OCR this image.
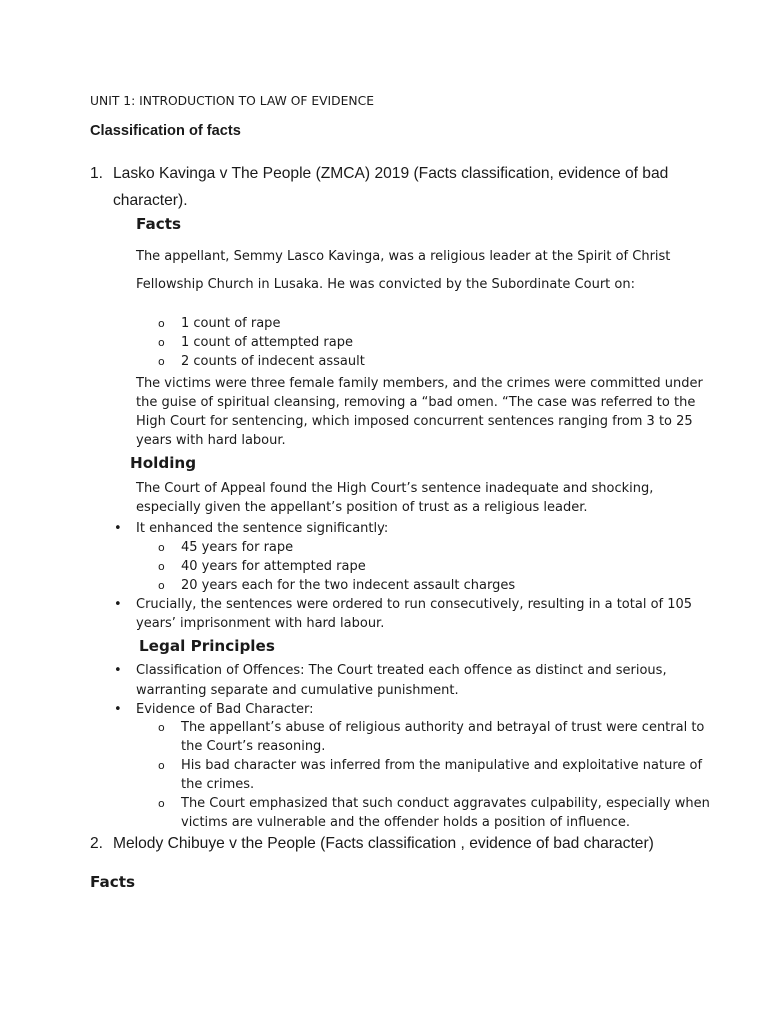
UNIT 1: INTRODUCTION TO LAW OF EVIDENCE
Classification of facts
1. Lasko Kavinga v The People (ZMCA) 2019 (Facts classification, evidence of bad
character).
Facts
The appellant, Semmy Lasco Kavinga, was a religious leader at the Spirit of Christ
Fellowship Church in Lusaka. He was convicted by the Subordinate Court on:
o 1 count of rape
o 1 count of attempted rape
o 2 counts of indecent assault
The victims were three female family members, and the crimes were committed under
the guise of spiritual cleansing, removing a “bad omen. “The case was referred to the
High Court for sentencing, which imposed concurrent sentences ranging from 3 to 25
years with hard labour.
Holding
The Court of Appeal found the High Court’s sentence inadequate and shocking,
especially given the appellant’s position of trust as a religious leader.
• It enhanced the sentence significantly:
o 45 years for rape
o 40 years for attempted rape
o 20 years each for the two indecent assault charges
• Crucially, the sentences were ordered to run consecutively, resulting in a total of 105
years’ imprisonment with hard labour.
Legal Principles
• Classification of Offences: The Court treated each offence as distinct and serious,
warranting separate and cumulative punishment.
• Evidence of Bad Character:
o The appellant’s abuse of religious authority and betrayal of trust were central to
the Court’s reasoning.
o His bad character was inferred from the manipulative and exploitative nature of
the crimes.
o The Court emphasized that such conduct aggravates culpability, especially when
victims are vulnerable and the offender holds a position of influence.
2. Melody Chibuye v the People (Facts classification , evidence of bad character)
Facts
